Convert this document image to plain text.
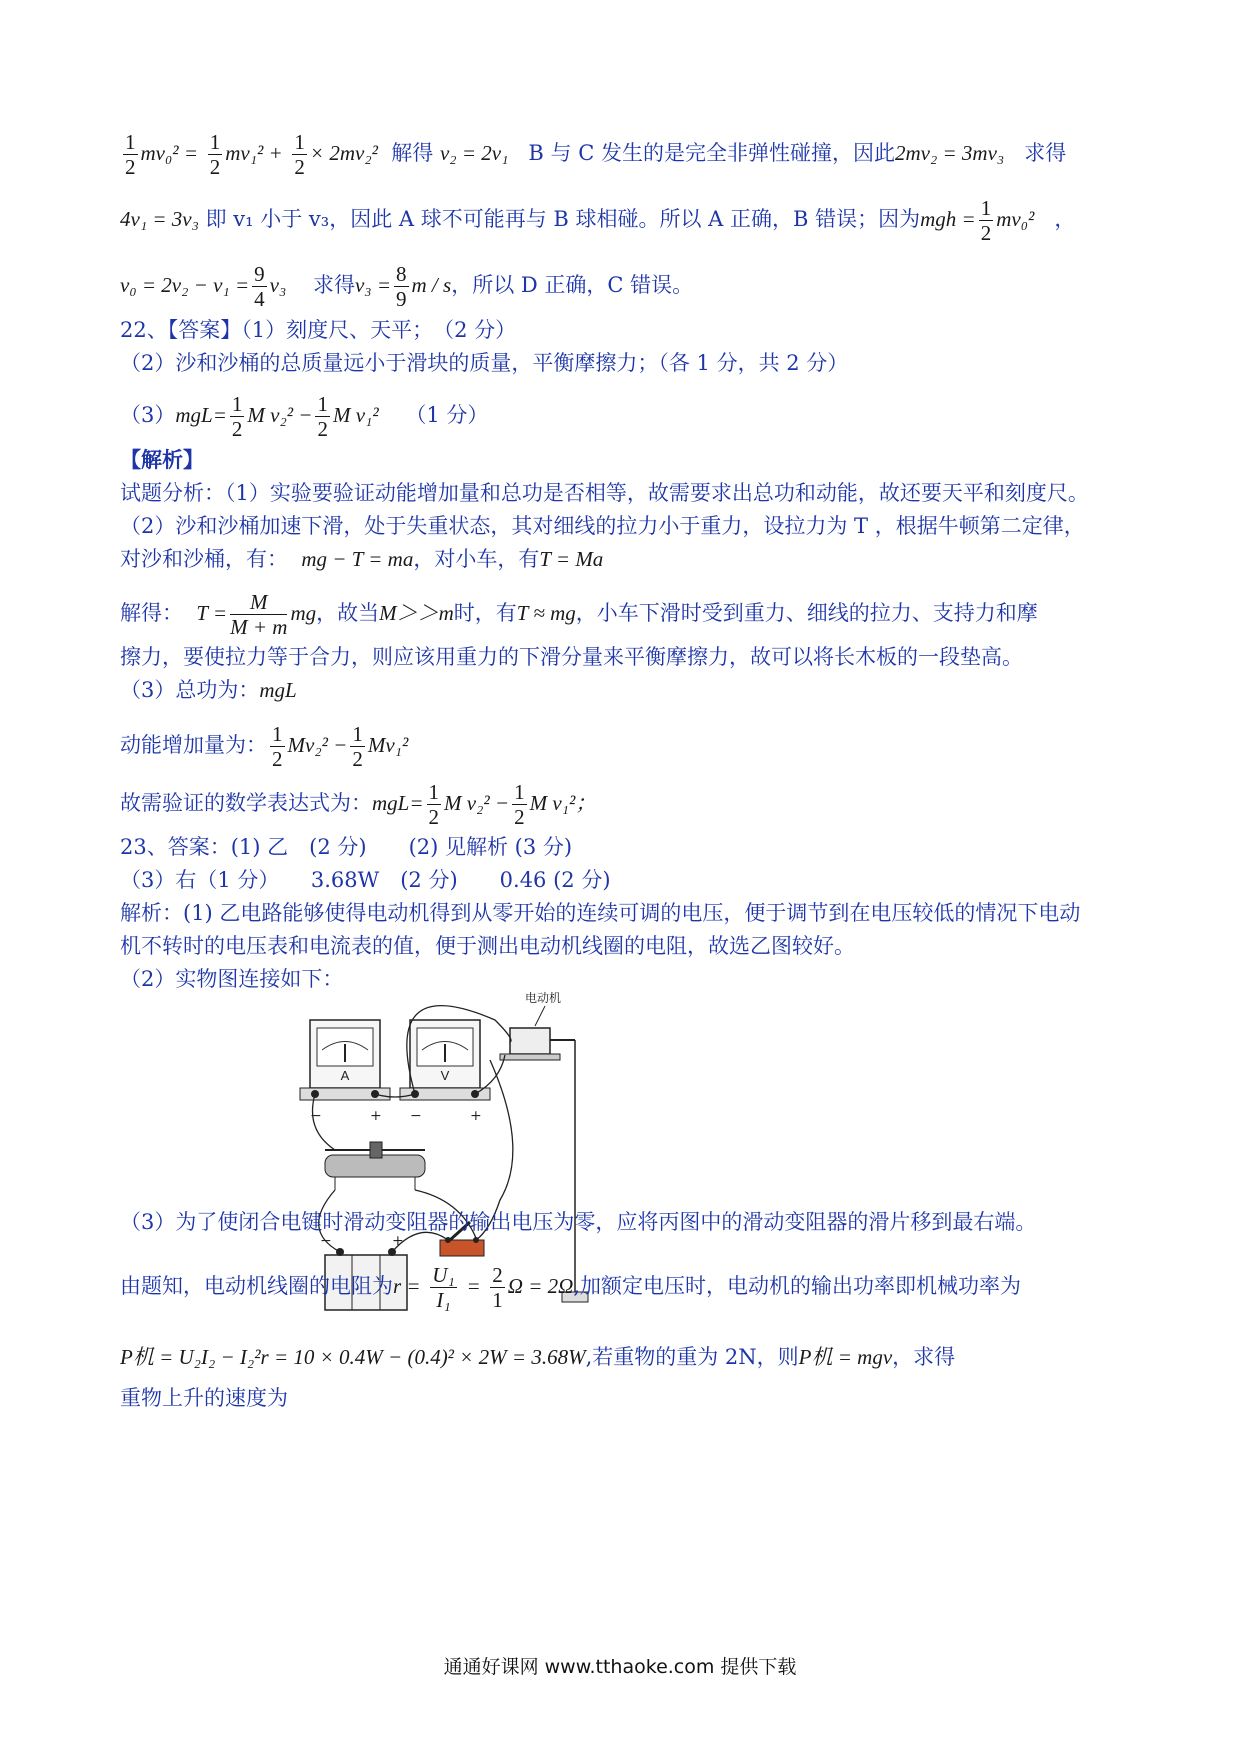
$\frac{1}{2} mv_0^2 = \frac{1}{2} mv_1^2 + \frac{1}{2} \times 2mv_2^2$ 解得 v₂ = 2v₁ B 与 C 发生的是完全非弹性碰撞，因此2mv₂ = 3mv₃ 求得
4v₁ = 3v₃ 即 v₁ 小于 v₃，因此 A 球不可能再与 B 球相碰。所以 A 正确，B 错误；因为mgh = $\frac{1}{2} mv_0^2$ ，
$v_0 = 2v_2 - v_1 = \frac{9}{4} v_3$ 求得$v_3 = \frac{8}{9}$ m / s，所以 D 正确，C 错误。
22、【答案】（1）刻度尺、天平；　（2 分）
（2）沙和沙桶的总质量远小于滑块的质量，平衡摩擦力；（各 1 分，共 2 分）
$(3)mgL= \frac{1}{2}$ M $v_2^2 - \frac{1}{2}$ M v₁² （1 分）
【解析】
试题分析：（1）实验要验证动能增加量和总功是否相等，故需要求出总功和动能，故还要天平和刻度尺。
（2）沙和沙桶加速下滑，处于失重状态，其对细线的拉力小于重力，设拉力为 T ，根据牛顿第二定律，
对沙和沙桶，有： mg − T = ma，对小车，有T = Ma
解得： $T = \frac{M}{M + m}$ mg，故当M＞＞m时，有T ≈ mg，小车下滑时受到重力、细线的拉力、支持力和摩
擦力，要使拉力等于合力，则应该用重力的下滑分量来平衡摩擦力，故可以将长木板的一段垫高。
（3）总功为：mgL
动能增加量为： $\frac{1}{2} Mv_2^2 - \frac{1}{2} Mv_1^2$
故需验证的数学表达式为：$mgL= \frac{1}{2}$ M $v_2^2 - \frac{1}{2}$ M v₁²；
23、答案：(1) 乙　(2 分)　　(2) 见解析 (3 分)
（3）右（1 分）　　3.68W　(2 分)　　0.46 (2 分)
解析：(1) 乙电路能够使得电动机得到从零开始的连续可调的电压，便于调节到在电压较低的情况下电动
机不转时的电压表和电流表的值，便于测出电动机线圈的电阻，故选乙图较好。
（2）实物图连接如下：
A	V
−	+ −	+
电动机
−	+
（3）为了使闭合电键时滑动变阻器的输出电压为零，应将丙图中的滑动变阻器的滑片移到最右端。
由题知，电动机线圈的电阻为$r = \frac{\text{U₁}}{\text{I₁}} = \frac{2}{1}$ Ω = 2Ω,加额定电压时，电动机的输出功率即机械功率为
P机 = U₂I₂ − I₂²r = 10 × 0.4W − (0.4)² × 2W = 3.68W,若重物的重为 2N，则P机 = mgv，求得
重物上升的速度为
通通好课网 www.tthaoke.com 提供下载
